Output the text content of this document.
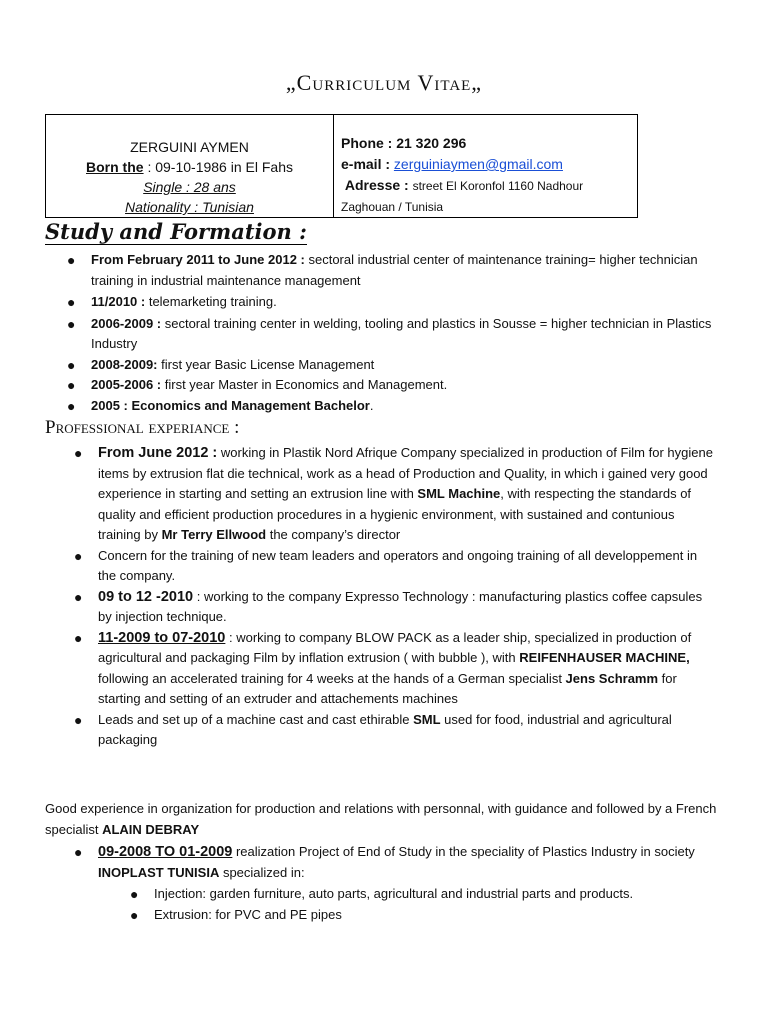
„Curriculum Vitae„
ZERGUINI AYMEN
Born the : 09-10-1986 in El Fahs
Single : 28 ans
Nationality : Tunisian
Phone : 21 320 296
e-mail : zerguiniaymen@gmail.com
Adresse : street El Koronfol 1160 Nadhour
Zaghouan / Tunisia
Study and Formation :
● From February 2011 to June 2012 : sectoral industrial center of maintenance training= higher technician training in industrial maintenance management
● 11/2010 : telemarketing training.
● 2006-2009 : sectoral training center in welding, tooling and plastics in Sousse = higher technician in Plastics Industry
● 2008-2009: first year Basic License Management
● 2005-2006 : first year Master in Economics and Management.
● 2005 : Economics and Management Bachelor.
Professional experiance :
● From June 2012 : working in Plastik Nord Afrique Company specialized in production of Film for hygiene items by extrusion flat die technical, work as a head of Production and Quality, in which i gained very good experience in starting and setting an extrusion line with SML Machine, with respecting the standards of quality and efficient production procedures in a hygienic environment, with sustained and contunious training by Mr Terry Ellwood the company’s director
● Concern for the training of new team leaders and operators and ongoing training of all developpement in the company.
● 09 to 12 -2010 : working to the company Expresso Technology : manufacturing plastics coffee capsules by injection technique.
● 11-2009 to 07-2010 : working to company BLOW PACK as a leader ship, specialized in production of agricultural and packaging Film by inflation extrusion ( with bubble ), with REIFENHAUSER MACHINE, following an accelerated training for 4 weeks at the hands of a German specialist Jens Schramm for starting and setting of an extruder and attachements machines
● Leads and set up of a machine cast and cast ethirable SML used for food, industrial and agricultural packaging
Good experience in organization for production and relations with personnal, with guidance and followed by a French specialist ALAIN DEBRAY
● 09-2008 TO 01-2009 realization Project of End of Study in the speciality of Plastics Industry in society INOPLAST TUNISIA specialized in:
● Injection: garden furniture, auto parts, agricultural and industrial parts and products.
● Extrusion: for PVC and PE pipes
